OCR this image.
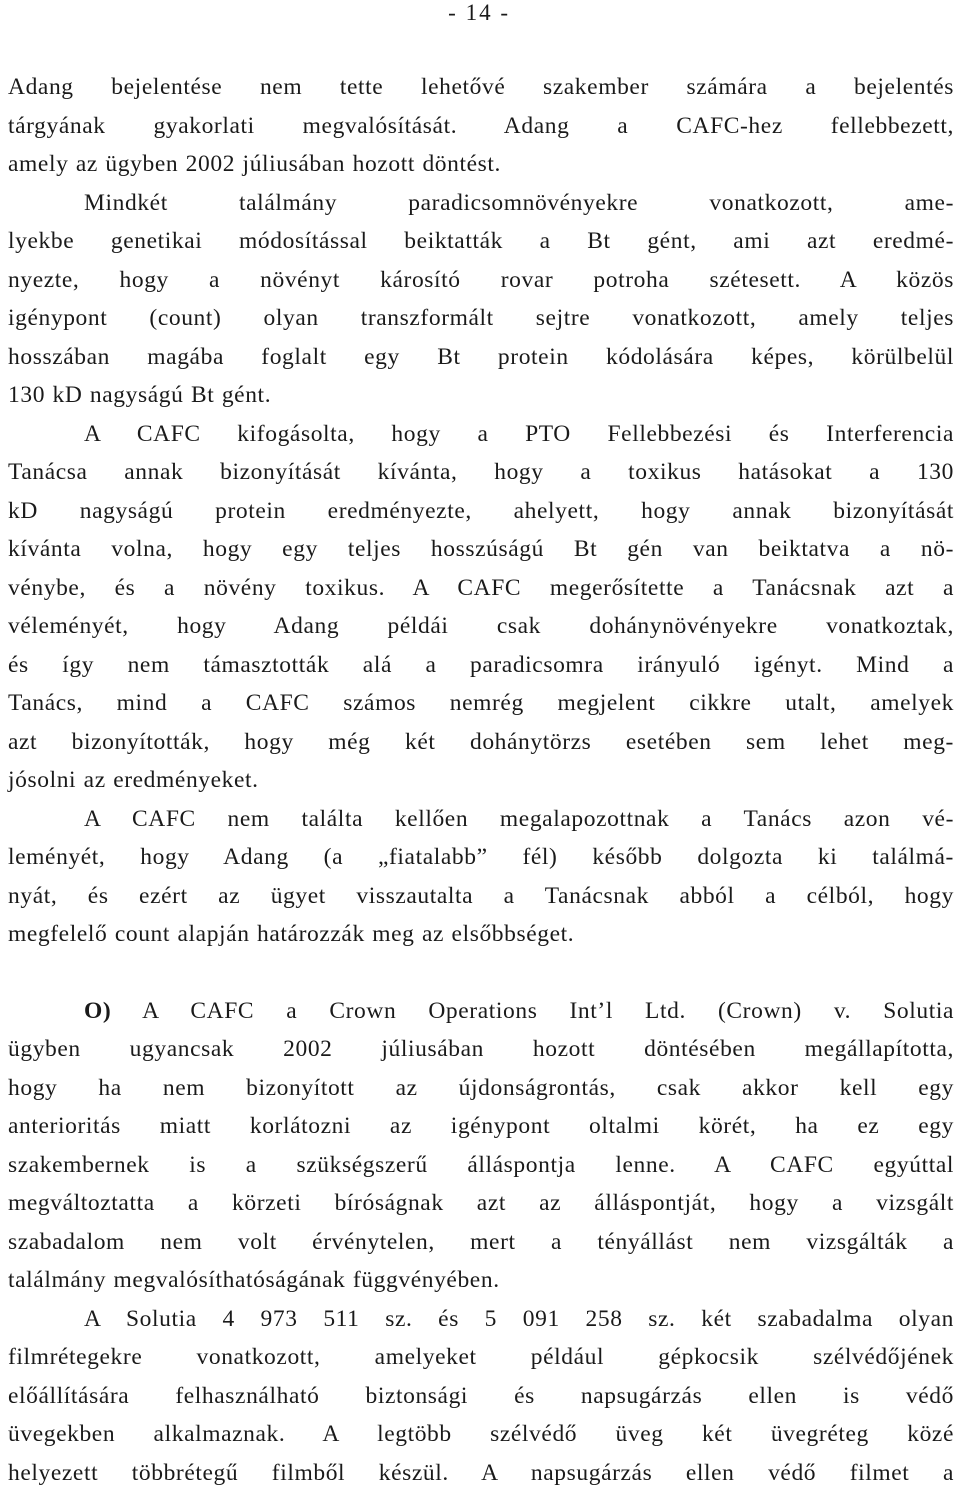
- 14 -
Adang bejelentése nem tette lehetővé szakember számára a bejelentés
tárgyának gyakorlati megvalósítását. Adang a CAFC-hez fellebbezett,
amely az ügyben 2002 júliusában hozott döntést.
Mindkét találmány paradicsomnövényekre vonatkozott, ame-
lyekbe genetikai módosítással beiktatták a Bt gént, ami azt eredmé-
nyezte, hogy a növényt károsító rovar potroha szétesett. A közös
igénypont (count) olyan transzformált sejtre vonatkozott, amely teljes
hosszában magába foglalt egy Bt protein kódolására képes, körülbelül
130 kD nagyságú Bt gént.
A CAFC kifogásolta, hogy a PTO Fellebbezési és Interferencia
Tanácsa annak bizonyítását kívánta, hogy a toxikus hatásokat a 130
kD nagyságú protein eredményezte, ahelyett, hogy annak bizonyítását
kívánta volna, hogy egy teljes hosszúságú Bt gén van beiktatva a nö-
vénybe, és a növény toxikus. A CAFC megerősítette a Tanácsnak azt a
véleményét, hogy Adang példái csak dohánynövényekre vonatkoztak,
és így nem támasztották alá a paradicsomra irányuló igényt. Mind a
Tanács, mind a CAFC számos nemrég megjelent cikkre utalt, amelyek
azt bizonyították, hogy még két dohánytörzs esetében sem lehet meg-
jósolni az eredményeket.
A CAFC nem találta kellően megalapozottnak a Tanács azon vé-
leményét, hogy Adang (a „fiatalabb” fél) később dolgozta ki találmá-
nyát, és ezért az ügyet visszautalta a Tanácsnak abból a célból, hogy
megfelelő count alapján határozzák meg az elsőbbséget.
O) A CAFC a Crown Operations Int’l Ltd. (Crown) v. Solutia
ügyben ugyancsak 2002 júliusában hozott döntésében megállapította,
hogy ha nem bizonyított az újdonságrontás, csak akkor kell egy
anterioritás miatt korlátozni az igénypont oltalmi körét, ha ez egy
szakembernek is a szükségszerű álláspontja lenne. A CAFC egyúttal
megváltoztatta a körzeti bíróságnak azt az álláspontját, hogy a vizsgált
szabadalom nem volt érvénytelen, mert a tényállást nem vizsgálták a
találmány megvalósíthatóságának függvényében.
A Solutia 4 973 511 sz. és 5 091 258 sz. két szabadalma olyan
filmrétegekre vonatkozott, amelyeket például gépkocsik szélvédőjének
előállítására felhasználható biztonsági és napsugárzás ellen is védő
üvegekben alkalmaznak. A legtöbb szélvédő üveg két üvegréteg közé
helyezett többrétegű filmből készül. A napsugárzás ellen védő filmet a
